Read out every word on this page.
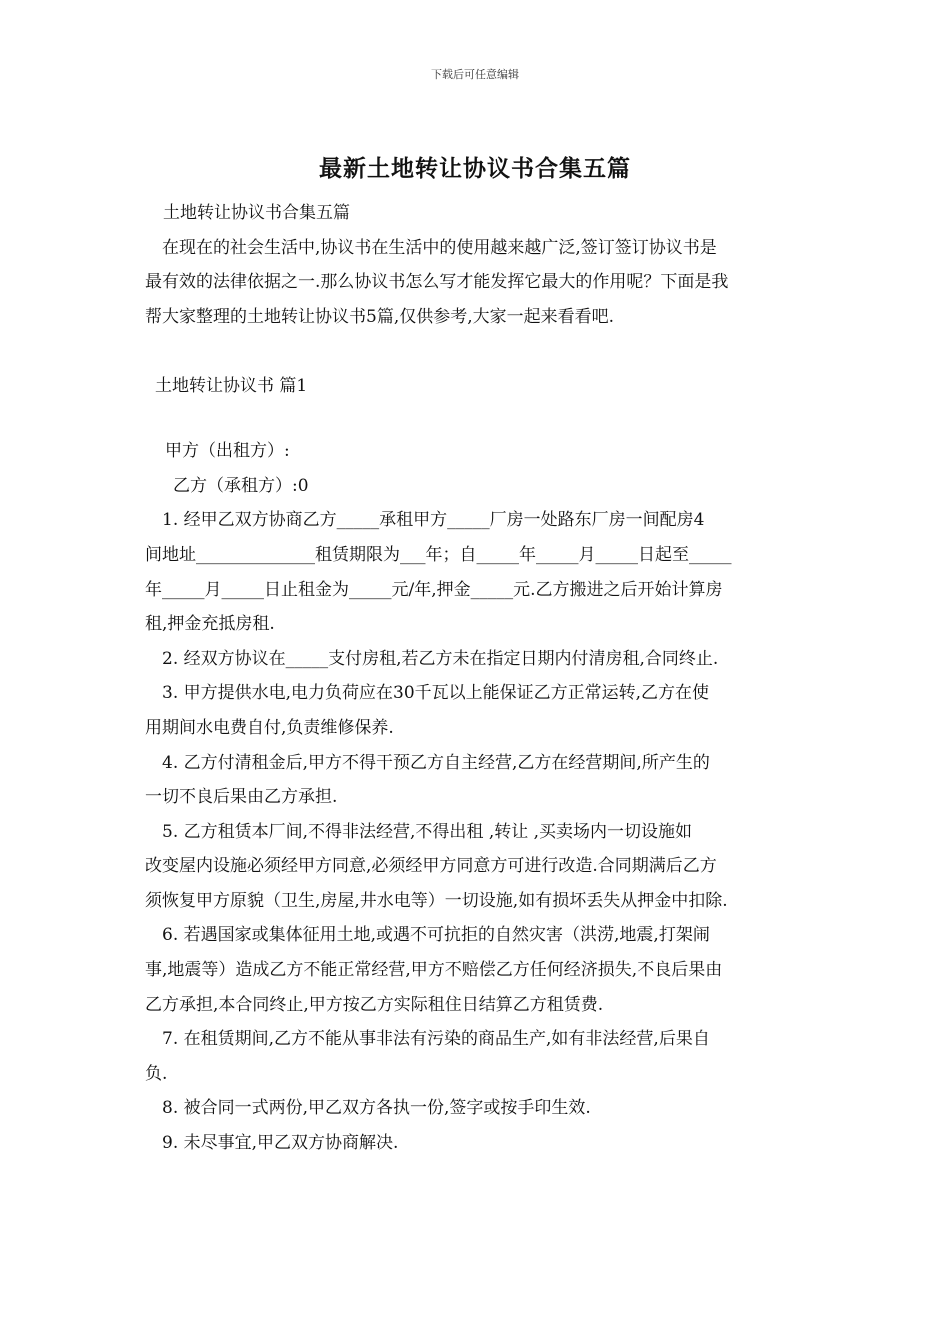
下载后可任意编辑
最新土地转让协议书合集五篇

土地转让协议书合集五篇

　在现在的社会生活中,协议书在生活中的使用越来越广泛,签订签订协议书是

最有效的法律依据之一.那么协议书怎么写才能发挥它最大的作用呢？下面是我

帮大家整理的土地转让协议书5篇,仅供参考,大家一起来看看吧.

土地转让协议书 篇1

甲方（出租方）:

乙方（承租方）:0

　1. 经甲乙双方协商乙方_____承租甲方_____厂房一处路东厂房一间配房4

间地址______________租赁期限为___年；自_____年_____月_____日起至_____

年_____月_____日止租金为_____元/年,押金_____元.乙方搬进之后开始计算房

租,押金充抵房租.

　2. 经双方协议在_____支付房租,若乙方未在指定日期内付清房租,合同终止.

　3. 甲方提供水电,电力负荷应在30千瓦以上能保证乙方正常运转,乙方在使

用期间水电费自付,负责维修保养.

　4. 乙方付清租金后,甲方不得干预乙方自主经营,乙方在经营期间,所产生的

一切不良后果由乙方承担.

　5. 乙方租赁本厂间,不得非法经营,不得出租 ,转让 ,买卖场内一切设施如

改变屋内设施必须经甲方同意,必须经甲方同意方可进行改造.合同期满后乙方

须恢复甲方原貌（卫生,房屋,井水电等）一切设施,如有损坏丢失从押金中扣除.

　6. 若遇国家或集体征用土地,或遇不可抗拒的自然灾害（洪涝,地震,打架闹

事,地震等）造成乙方不能正常经营,甲方不赔偿乙方任何经济损失,不良后果由

乙方承担,本合同终止,甲方按乙方实际租住日结算乙方租赁费.

　7. 在租赁期间,乙方不能从事非法有污染的商品生产,如有非法经营,后果自

负.

　8. 被合同一式两份,甲乙双方各执一份,签字或按手印生效.

　9. 未尽事宜,甲乙双方协商解决.
